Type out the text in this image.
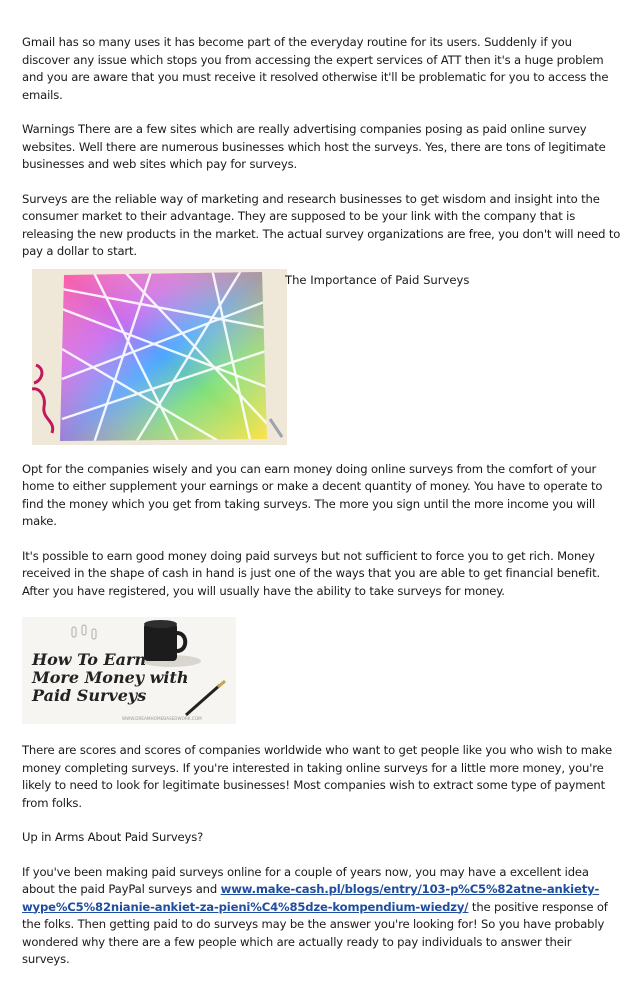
Gmail has so many uses it has become part of the everyday routine for its users. Suddenly if you discover any issue which stops you from accessing the expert services of ATT then it's a huge problem and you are aware that you must receive it resolved otherwise it'll be problematic for you to access the emails.

Warnings There are a few sites which are really advertising companies posing as paid online survey websites. Well there are numerous businesses which host the surveys. Yes, there are tons of legitimate businesses and web sites which pay for surveys.

Surveys are the reliable way of marketing and research businesses to get wisdom and insight into the consumer market to their advantage. They are supposed to be your link with the company that is releasing the new products in the market. The actual survey organizations are free, you don't will need to pay a dollar to start.

The Importance of Paid Surveys

Opt for the companies wisely and you can earn money doing online surveys from the comfort of your home to either supplement your earnings or make a decent quantity of money. You have to operate to find the money which you get from taking surveys. The more you sign until the more income you will make.

It's possible to earn good money doing paid surveys but not sufficient to force you to get rich. Money received in the shape of cash in hand is just one of the ways that you are able to get financial benefit. After you have registered, you will usually have the ability to take surveys for money.

How To Earn
More Money with
Paid Surveys
WWW.DREAMHOMEBASEDWORK.COM

There are scores and scores of companies worldwide who want to get people like you who wish to make money completing surveys. If you're interested in taking online surveys for a little more money, you're likely to need to look for legitimate businesses! Most companies wish to extract some type of payment from folks.

Up in Arms About Paid Surveys?

If you've been making paid surveys online for a couple of years now, you may have a excellent idea about the paid PayPal surveys and www.make-cash.pl/blogs/entry/103-p%C5%82atne-ankiety-wype%C5%82nianie-ankiet-za-pieni%C4%85dze-kompendium-wiedzy/ the positive response of the folks. Then getting paid to do surveys may be the answer you're looking for! So you have probably wondered why there are a few people which are actually ready to pay individuals to answer their surveys.
